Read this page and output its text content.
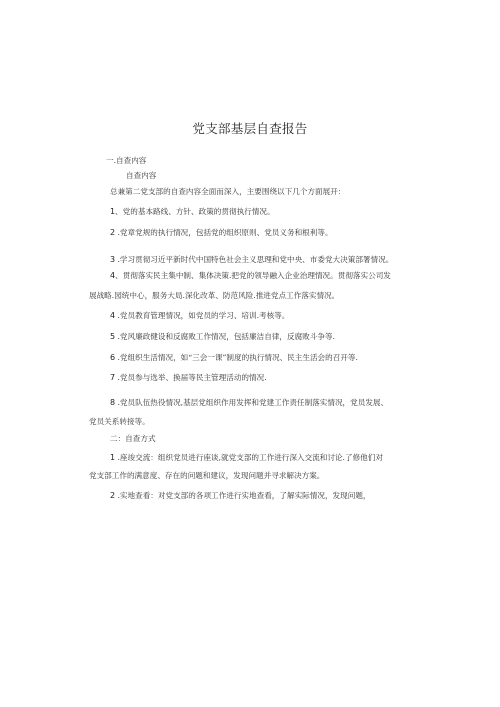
党支部基层自查报告
一.自查内容
自查内容
总兼第二党支部的自查内容全面而深入，主要围绕以下几个方面展开：
1、党的基本路线、方针、政策的贯彻执行情况。
2 .党章党规的执行情况，包括党的组织原则、党员义务和根利等。
3 .学习贯彻习近平新时代中国特色社会主义思理和党中央、市委党大决策部署情况。
4、贯彻落实民主集中制、集体决策.把党的领导融入企业治理情况。贯彻落实公司发
展战略.园统中心，服务大局.深化改革、防范风险.推进党点工作落实情况。
4 .党员教育管理情况，如党员的学习、培训.考核等。
5 .党风廉政健设和反腐败工作情况，包括廉洁自律，反腐败斗争等.
6 .党组织生活情况，如“三会一课”制度的执行情况、民主生活会的召开等.
7 .党员参与选举、换届等民主管理活动的情况.
8 .党员队伍热役情况,基层党组织作用发挥和党建工作责任制落实情况，党员发展、
党员关系转接等。
二：自查方式
1 .座竣交流：组织党员进行座谈,就党支部的工作进行深入交流和讨论.了修他们对
党支部工作的满意度、存在的问题和建议，发现问题并寻求解决方案。
2 .实地查看：对党支部的各项工作进行实地查看，了解实际情况，发现问题，
